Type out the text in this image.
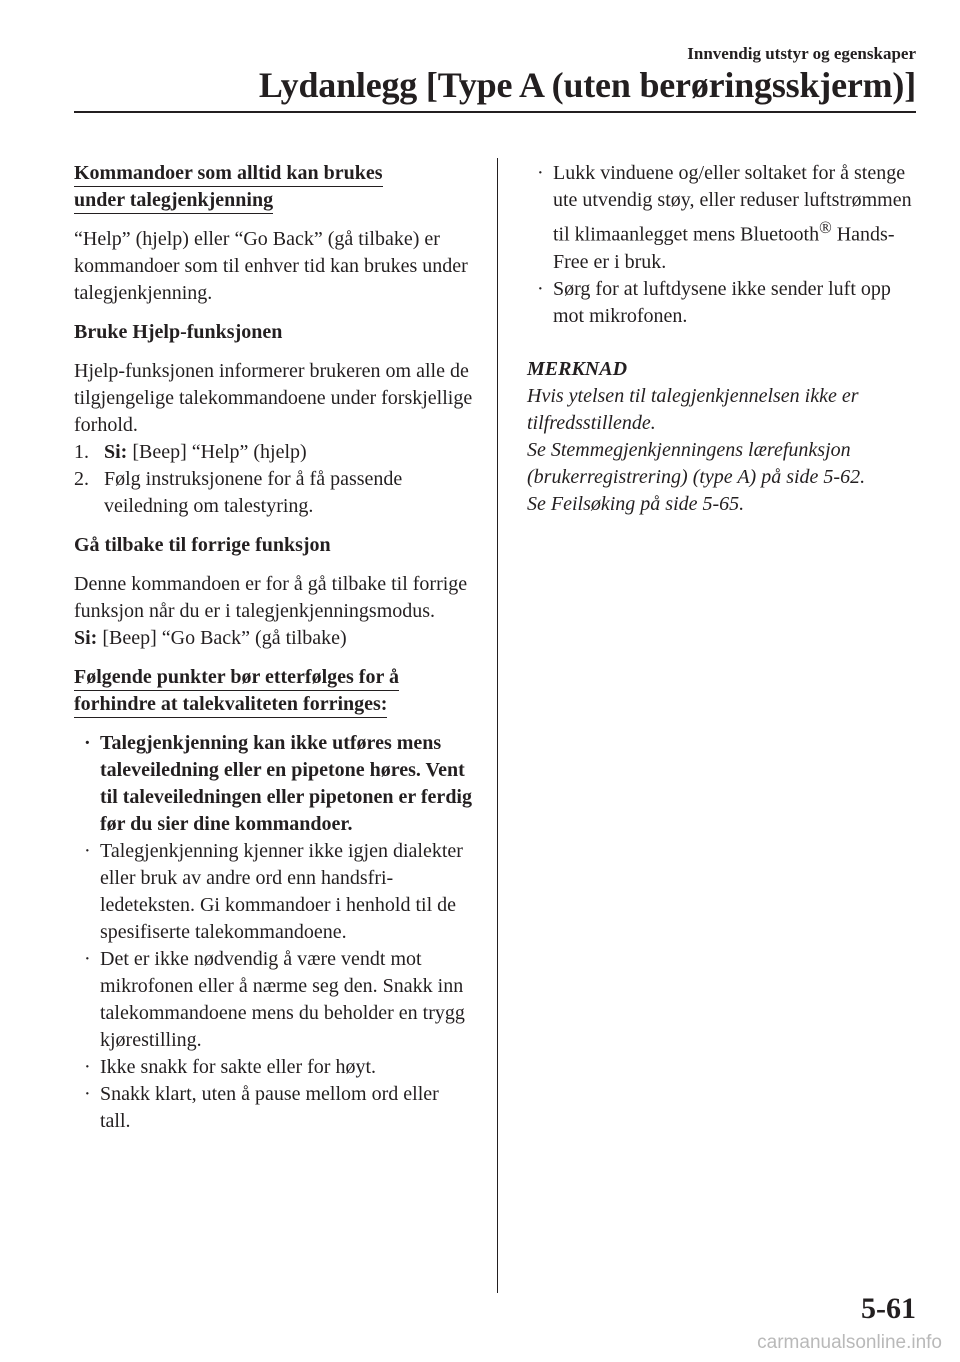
Innvendig utstyr og egenskaper
Lydanlegg [Type A (uten berøringsskjerm)]

Kommandoer som alltid kan brukes
under talegjenkjenning

“Help” (hjelp) eller “Go Back” (gå tilbake) er kommandoer som til enhver tid kan brukes under talegjenkjenning.

Bruke Hjelp-funksjonen

Hjelp-funksjonen informerer brukeren om alle de tilgjengelige talekommandoene under forskjellige forhold.

1. Si: [Beep] “Help” (hjelp)
2. Følg instruksjonene for å få passende veiledning om talestyring.

Gå tilbake til forrige funksjon

Denne kommandoen er for å gå tilbake til forrige funksjon når du er i talegjenkjenningsmodus.

Si: [Beep] “Go Back” (gå tilbake)

Følgende punkter bør etterfølges for å
forhindre at talekvaliteten forringes:

· Talegjenkjenning kan ikke utføres mens taleveiledning eller en pipetone høres. Vent til taleveiledningen eller pipetonen er ferdig før du sier dine kommandoer.
· Talegjenkjenning kjenner ikke igjen dialekter eller bruk av andre ord enn handsfri-ledeteksten. Gi kommandoer i henhold til de spesifiserte talekommandoene.
· Det er ikke nødvendig å være vendt mot mikrofonen eller å nærme seg den. Snakk inn talekommandoene mens du beholder en trygg kjørestilling.
· Ikke snakk for sakte eller for høyt.
· Snakk klart, uten å pause mellom ord eller tall.
· Lukk vinduene og/eller soltaket for å stenge ute utvendig støy, eller reduser luftstrømmen til klimaanlegget mens Bluetooth® Hands-Free er i bruk.
· Sørg for at luftdysene ikke sender luft opp mot mikrofonen.

MERKNAD

Hvis ytelsen til talegjenkjennelsen ikke er tilfredsstillende.

Se Stemmegjenkjenningens lærefunksjon (brukerregistrering) (type A) på side 5-62.

Se Feilsøking på side 5-65.

5-61
carmanualsonline.info
